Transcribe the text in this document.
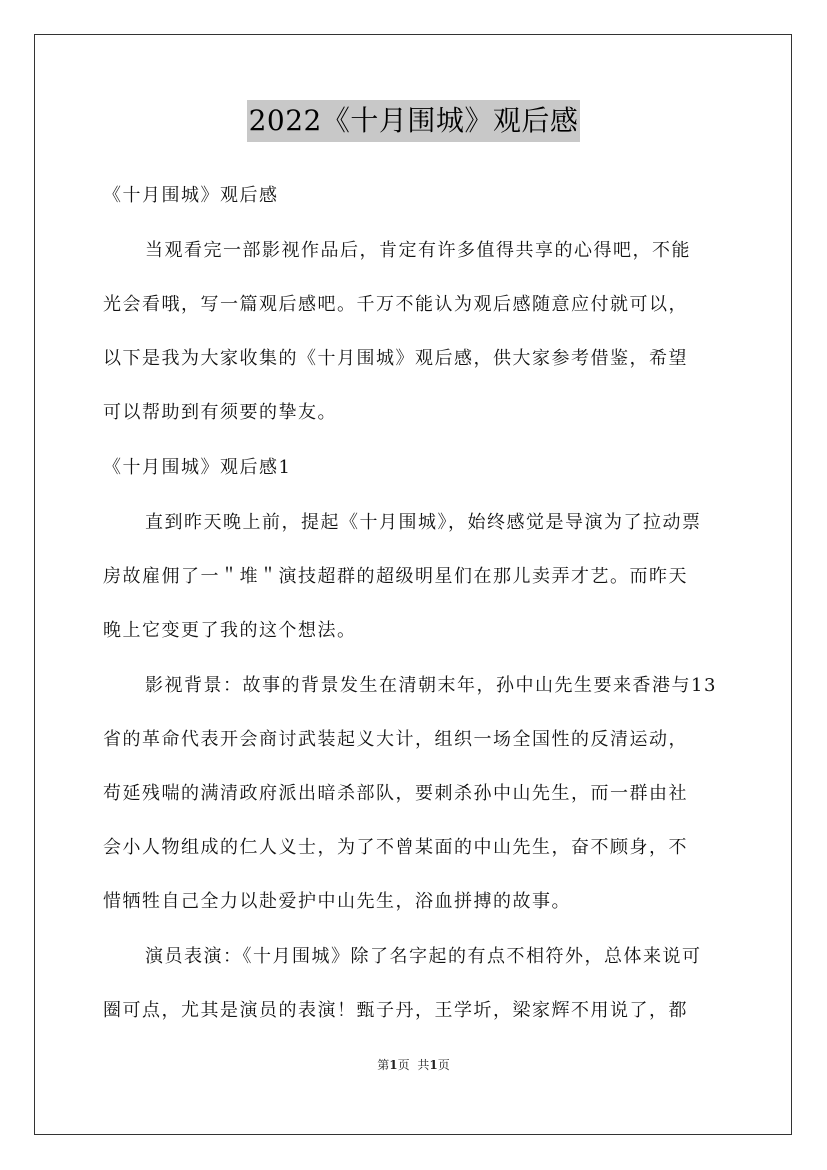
2022《十月围城》观后感
《十月围城》观后感
当观看完一部影视作品后，肯定有许多值得共享的心得吧，不能
光会看哦，写一篇观后感吧。千万不能认为观后感随意应付就可以，
以下是我为大家收集的《十月围城》观后感，供大家参考借鉴，希望
可以帮助到有须要的挚友。
《十月围城》观后感1
直到昨天晚上前，提起《十月围城》，始终感觉是导演为了拉动票
房故雇佣了一＂堆＂演技超群的超级明星们在那儿卖弄才艺。而昨天
晚上它变更了我的这个想法。
影视背景：故事的背景发生在清朝末年，孙中山先生要来香港与13
省的革命代表开会商讨武装起义大计，组织一场全国性的反清运动，
苟延残喘的满清政府派出暗杀部队，要刺杀孙中山先生，而一群由社
会小人物组成的仁人义士，为了不曾某面的中山先生，奋不顾身，不
惜牺牲自己全力以赴爱护中山先生，浴血拼搏的故事。
演员表演：《十月围城》除了名字起的有点不相符外，总体来说可
圈可点，尤其是演员的表演！甄子丹，王学圻，梁家辉不用说了，都
第1页 共1页
